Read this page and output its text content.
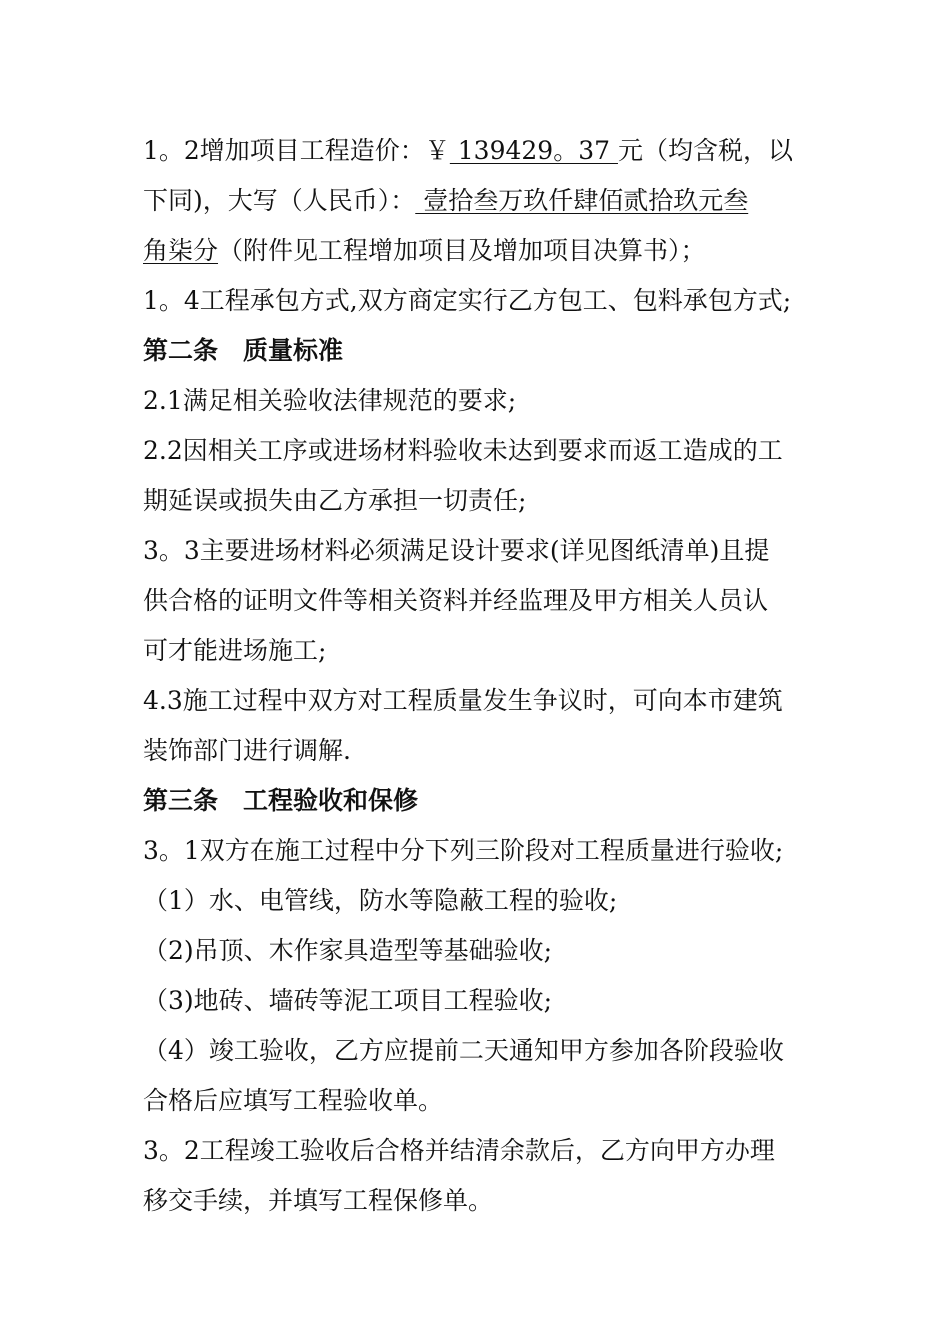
1。2增加项目工程造价：￥ 139429。37 元（均含税，以
下同)，大写（人民币）： 壹拾叁万玖仟肆佰贰拾玖元叁
角柒分（附件见工程增加项目及增加项目决算书）；
1。4工程承包方式,双方商定实行乙方包工、包料承包方式;
第二条　质量标准
2.1满足相关验收法律规范的要求;
2.2因相关工序或进场材料验收未达到要求而返工造成的工
期延误或损失由乙方承担一切责任;
3。3主要进场材料必须满足设计要求(详见图纸清单)且提
供合格的证明文件等相关资料并经监理及甲方相关人员认
可才能进场施工;
4.3施工过程中双方对工程质量发生争议时，可向本市建筑
装饰部门进行调解.
第三条　工程验收和保修
3。1双方在施工过程中分下列三阶段对工程质量进行验收;
（1）水、电管线，防水等隐蔽工程的验收;
（2)吊顶、木作家具造型等基础验收;
（3)地砖、墙砖等泥工项目工程验收;
（4）竣工验收，乙方应提前二天通知甲方参加各阶段验收
合格后应填写工程验收单。
3。2工程竣工验收后合格并结清余款后，乙方向甲方办理
移交手续，并填写工程保修单。
